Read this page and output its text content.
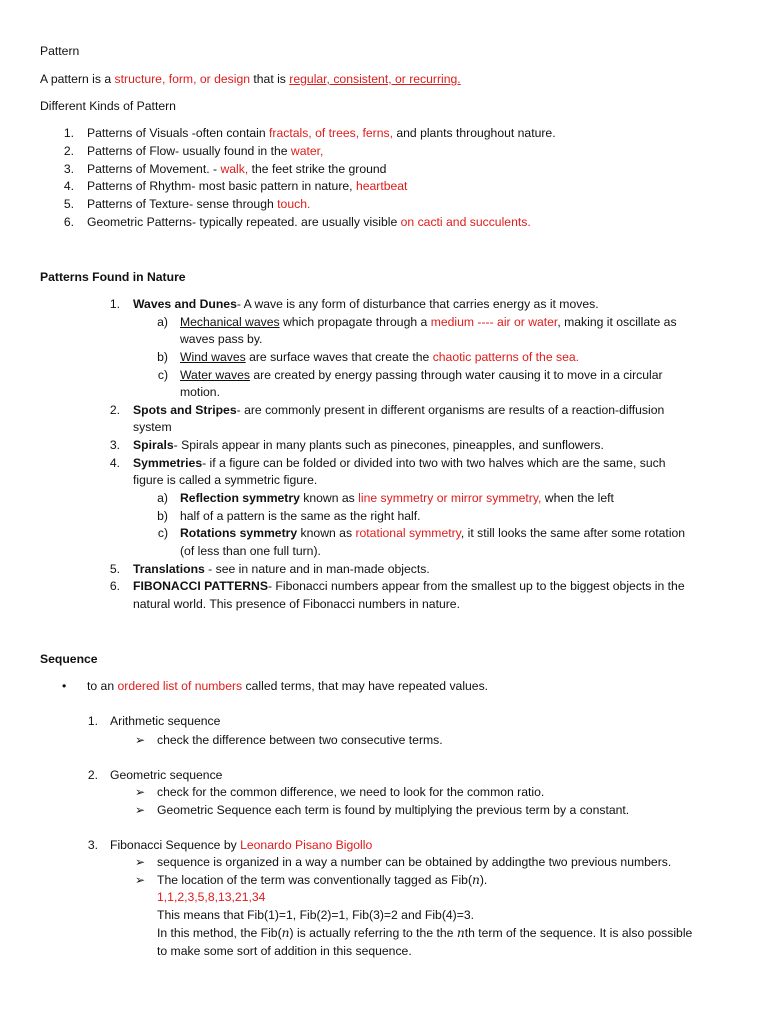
Pattern
A pattern is a structure, form, or design that is regular, consistent, or recurring.
Different Kinds of Pattern
1. Patterns of Visuals -often contain fractals, of trees, ferns, and plants throughout nature.
2. Patterns of Flow- usually found in the water,
3. Patterns of Movement. - walk, the feet strike the ground
4. Patterns of Rhythm- most basic pattern in nature, heartbeat
5. Patterns of Texture- sense through touch.
6. Geometric Patterns- typically repeated. are usually visible on cacti and succulents.
Patterns Found in Nature
1. Waves and Dunes- A wave is any form of disturbance that carries energy as it moves.
a) Mechanical waves which propagate through a medium ---- air or water, making it oscillate as
waves pass by.
b) Wind waves are surface waves that create the chaotic patterns of the sea.
c) Water waves are created by energy passing through water causing it to move in a circular
motion.
2. Spots and Stripes- are commonly present in different organisms are results of a reaction-diffusion
system
3. Spirals- Spirals appear in many plants such as pinecones, pineapples, and sunflowers.
4. Symmetries- if a figure can be folded or divided into two with two halves which are the same, such
figure is called a symmetric figure.
a) Reflection symmetry known as line symmetry or mirror symmetry, when the left
b) half of a pattern is the same as the right half.
c) Rotations symmetry known as rotational symmetry, it still looks the same after some rotation
(of less than one full turn).
5. Translations - see in nature and in man-made objects.
6. FIBONACCI PATTERNS- Fibonacci numbers appear from the smallest up to the biggest objects in the
natural world. This presence of Fibonacci numbers in nature.
Sequence
• to an ordered list of numbers called terms, that may have repeated values.
1. Arithmetic sequence
➢ check the difference between two consecutive terms.
2. Geometric sequence
➢ check for the common difference, we need to look for the common ratio.
➢ Geometric Sequence each term is found by multiplying the previous term by a constant.
3. Fibonacci Sequence by Leonardo Pisano Bigollo
➢ sequence is organized in a way a number can be obtained by addingthe two previous numbers.
➢ The location of the term was conventionally tagged as Fib(n).
1,1,2,3,5,8,13,21,34
This means that Fib(1)=1, Fib(2)=1, Fib(3)=2 and Fib(4)=3.
In this method, the Fib(n) is actually referring to the the nth term of the sequence. It is also possible
to make some sort of addition in this sequence.
